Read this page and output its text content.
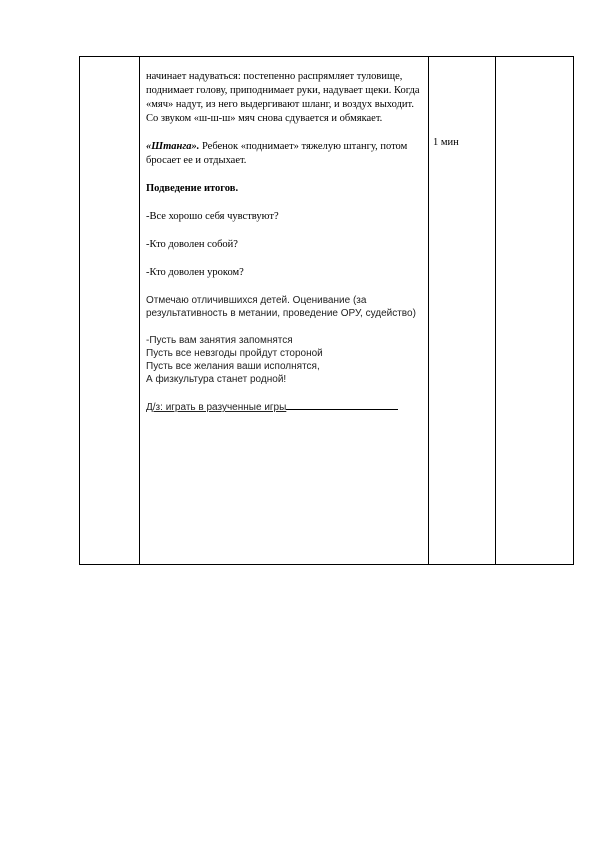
начинает надуваться: постепенно распрямляет туловище, поднимает голову, приподнимает руки, надувает щеки. Когда «мяч» надут, из него выдергивают шланг, и воздух выходит. Со звуком «ш-ш-ш» мяч снова сдувается и обмякает.

«Штанга». Ребенок «поднимает» тяжелую штангу, потом бросает ее и отдыхает.

Подведение итогов.

-Все хорошо себя чувствуют?

-Кто доволен собой?

-Кто доволен уроком?

Отмечаю отличившихся детей. Оценивание (за результативность в метании, проведение ОРУ, судейство)

-Пусть вам занятия запомнятся

Пусть все невзгоды пройдут стороной

Пусть все желания ваши исполнятся,

А физкультура станет родной!

Д/з: играть в разученные игры

	1 мин	
